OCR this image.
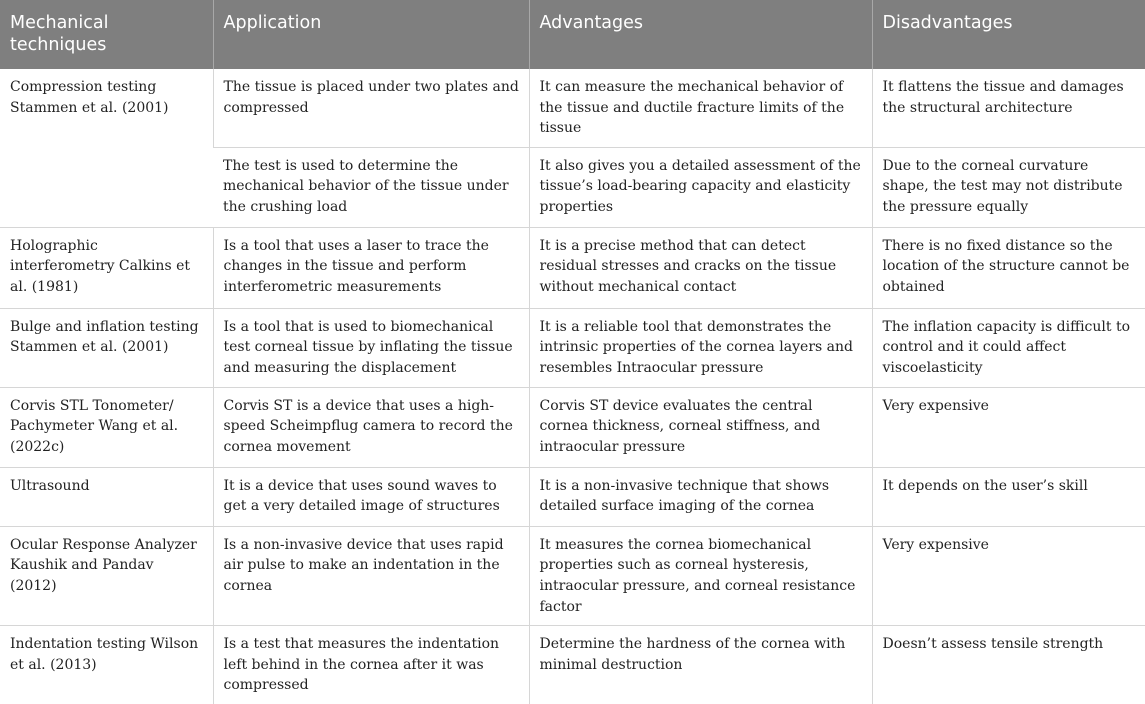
Mechanical techniques	Application	Advantages	Disadvantages
Compression testing Stammen et al. (2001)	The tissue is placed under two plates and compressed	It can measure the mechanical behavior of the tissue and ductile fracture limits of the tissue	It flattens the tissue and damages the structural architecture
	The test is used to determine the mechanical behavior of the tissue under the crushing load	It also gives you a detailed assessment of the tissue’s load-bearing capacity and elasticity properties	Due to the corneal curvature shape, the test may not distribute the pressure equally
Holographic interferometry Calkins et al. (1981)	Is a tool that uses a laser to trace the changes in the tissue and perform interferometric measurements	It is a precise method that can detect residual stresses and cracks on the tissue without mechanical contact	There is no fixed distance so the location of the structure cannot be obtained
Bulge and inflation testing Stammen et al. (2001)	Is a tool that is used to biomechanical test corneal tissue by inflating the tissue and measuring the displacement	It is a reliable tool that demonstrates the intrinsic properties of the cornea layers and resembles Intraocular pressure	The inflation capacity is difficult to control and it could affect viscoelasticity
Corvis STL Tonometer/ Pachymeter Wang et al. (2022c)	Corvis ST is a device that uses a high-speed Scheimpflug camera to record the cornea movement	Corvis ST device evaluates the central cornea thickness, corneal stiffness, and intraocular pressure	Very expensive
Ultrasound	It is a device that uses sound waves to get a very detailed image of structures	It is a non-invasive technique that shows detailed surface imaging of the cornea	It depends on the user’s skill
Ocular Response Analyzer Kaushik and Pandav (2012)	Is a non-invasive device that uses rapid air pulse to make an indentation in the cornea	It measures the cornea biomechanical properties such as corneal hysteresis, intraocular pressure, and corneal resistance factor	Very expensive
Indentation testing Wilson et al. (2013)	Is a test that measures the indentation left behind in the cornea after it was compressed	Determine the hardness of the cornea with minimal destruction	Doesn’t assess tensile strength
